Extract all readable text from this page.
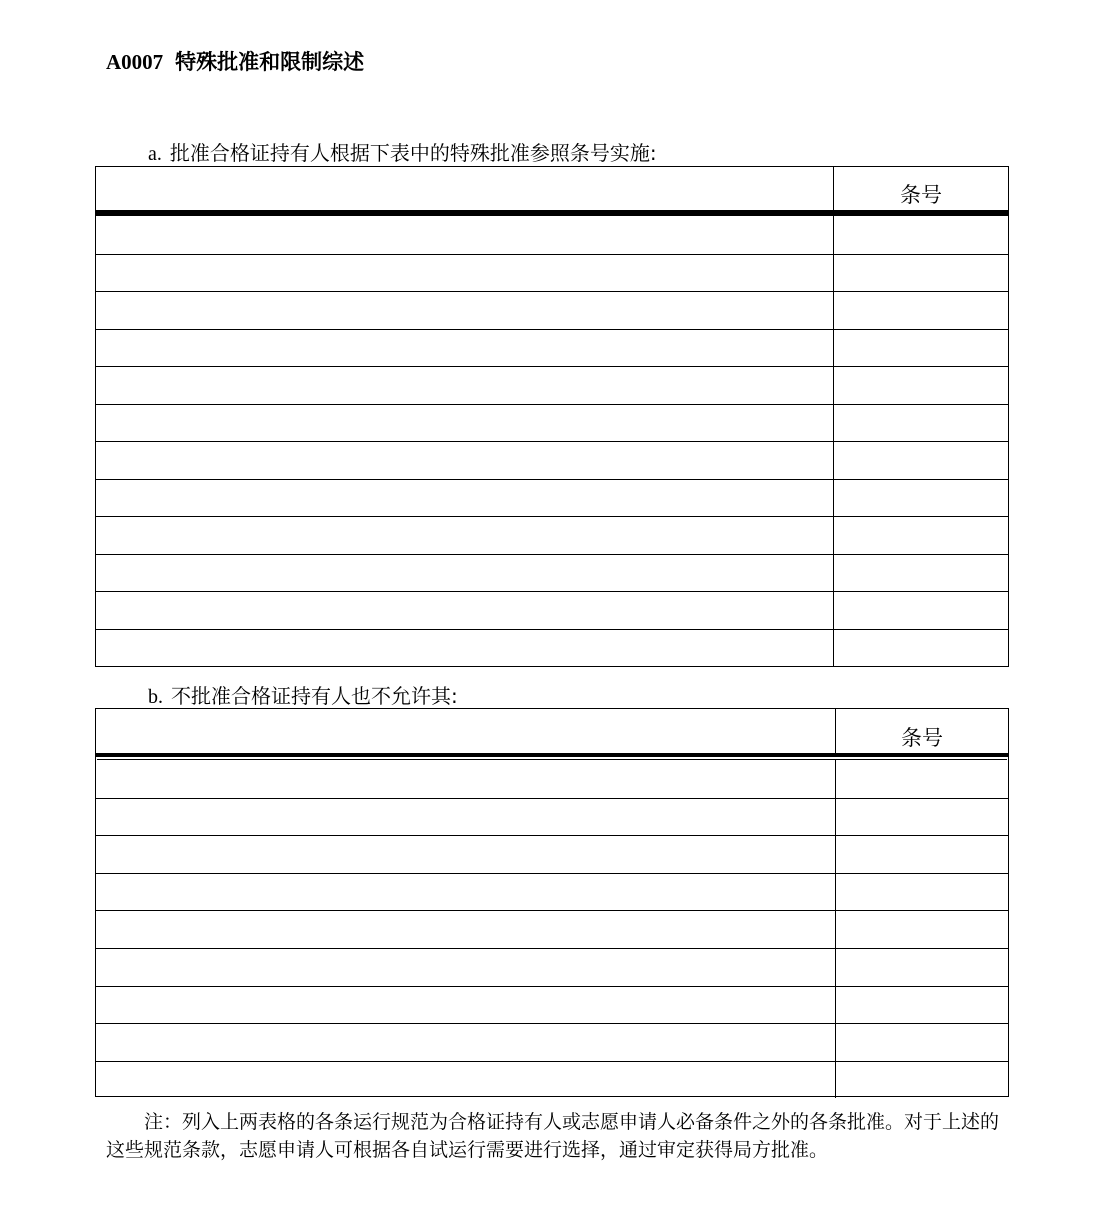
A0007 特殊批准和限制综述
a. 批准合格证持有人根据下表中的特殊批准参照条号实施:
条号
b. 不批准合格证持有人也不允许其:
条号
注：列入上两表格的各条运行规范为合格证持有人或志愿申请人必备条件之外的各条批准。对于上述的这些规范条款，志愿申请人可根据各自试运行需要进行选择，通过审定获得局方批准。
